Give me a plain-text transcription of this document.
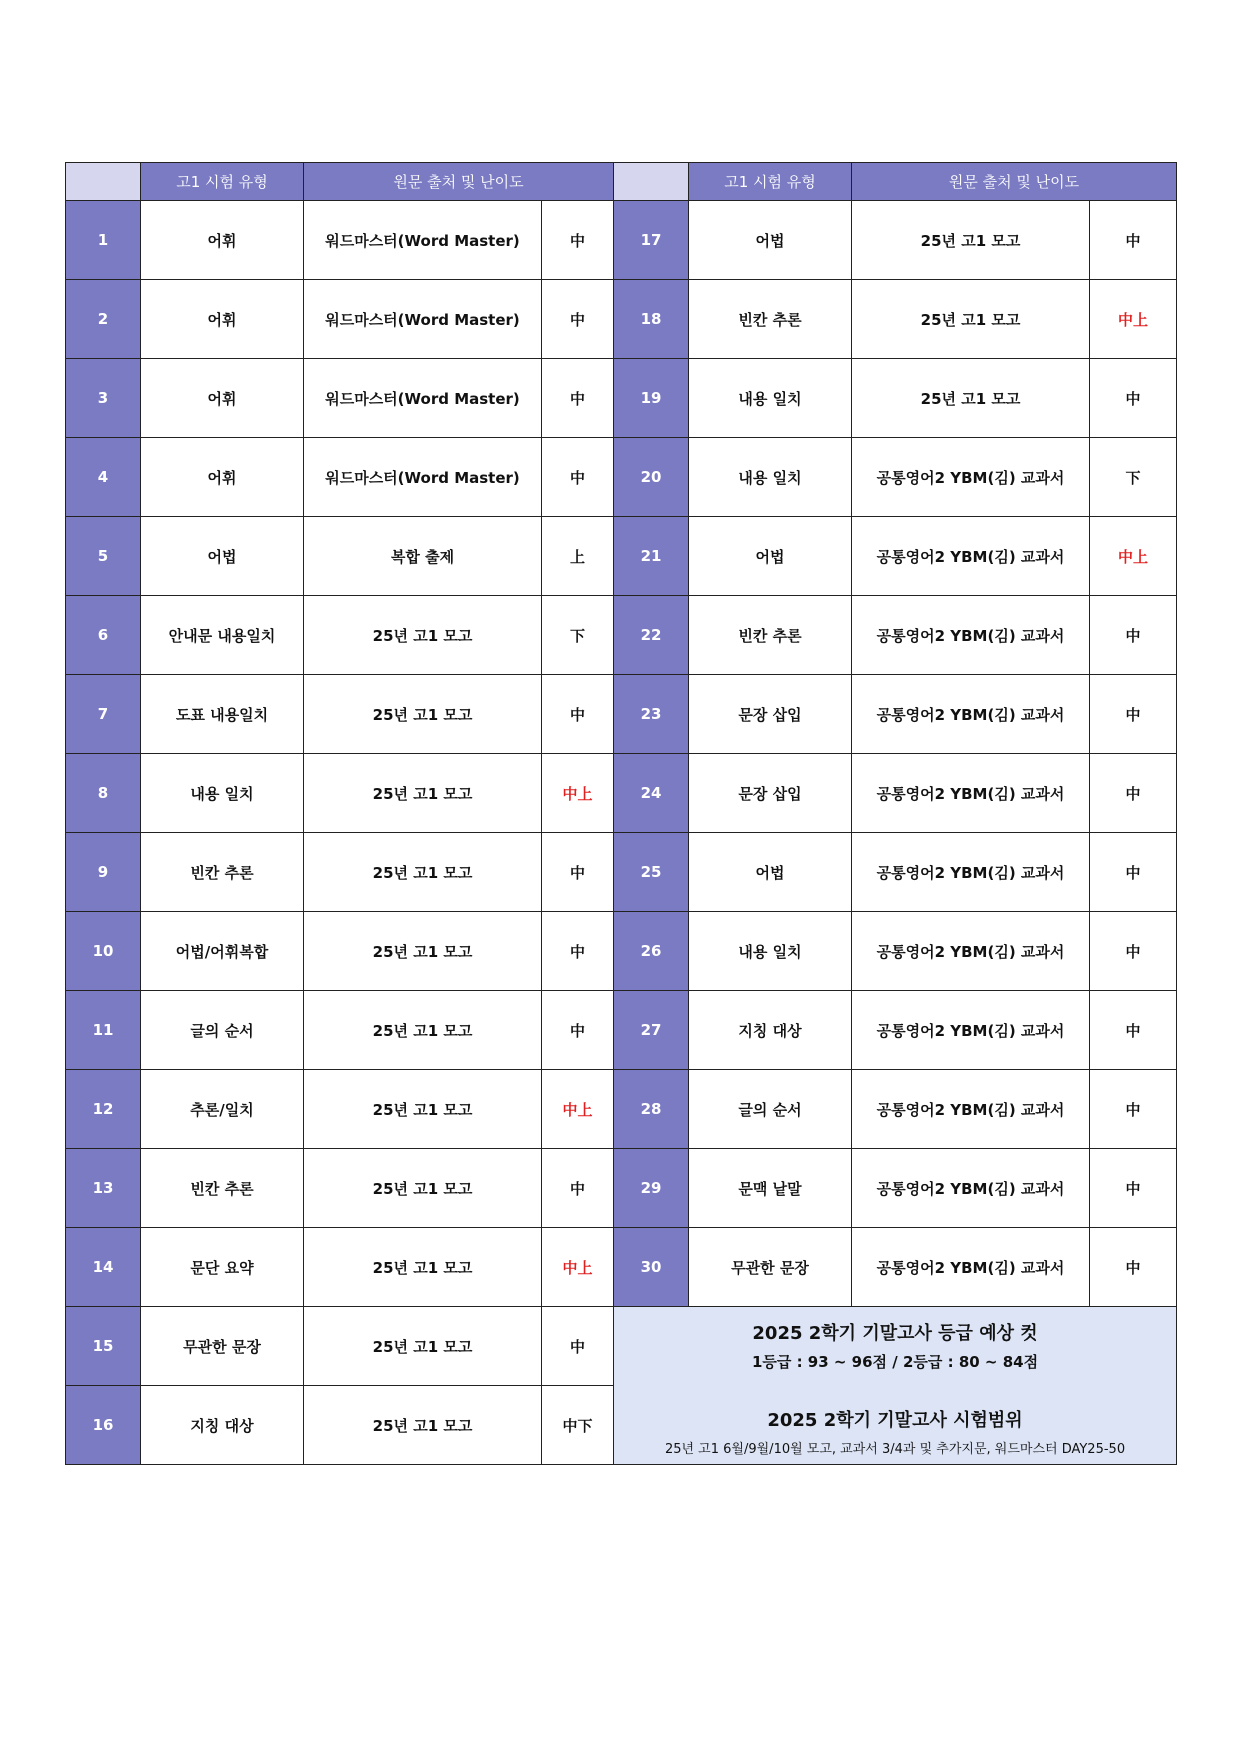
	고1 시험 유형	원문 출처 및 난이도			고1 시험 유형	원문 출처 및 난이도	
1	어휘	워드마스터(Word Master)	中	17	어법	25년 고1 모고	中
2	어휘	워드마스터(Word Master)	中	18	빈칸 추론	25년 고1 모고	中上
3	어휘	워드마스터(Word Master)	中	19	내용 일치	25년 고1 모고	中
4	어휘	워드마스터(Word Master)	中	20	내용 일치	공통영어2 YBM(김) 교과서	下
5	어법	복합 출제	上	21	어법	공통영어2 YBM(김) 교과서	中上
6	안내문 내용일치	25년 고1 모고	下	22	빈칸 추론	공통영어2 YBM(김) 교과서	中
7	도표 내용일치	25년 고1 모고	中	23	문장 삽입	공통영어2 YBM(김) 교과서	中
8	내용 일치	25년 고1 모고	中上	24	문장 삽입	공통영어2 YBM(김) 교과서	中
9	빈칸 추론	25년 고1 모고	中	25	어법	공통영어2 YBM(김) 교과서	中
10	어법/어휘복합	25년 고1 모고	中	26	내용 일치	공통영어2 YBM(김) 교과서	中
11	글의 순서	25년 고1 모고	中	27	지칭 대상	공통영어2 YBM(김) 교과서	中
12	추론/일치	25년 고1 모고	中上	28	글의 순서	공통영어2 YBM(김) 교과서	中
13	빈칸 추론	25년 고1 모고	中	29	문맥 낱말	공통영어2 YBM(김) 교과서	中
14	문단 요약	25년 고1 모고	中上	30	무관한 문장	공통영어2 YBM(김) 교과서	中
15	무관한 문장	25년 고1 모고	中	2025 2학기 기말고사 등급 예상 컷
1등급 : 93 ~ 96점 / 2등급 : 80 ~ 84점
2025 2학기 기말고사 시험범위
25년 고1 6월/9월/10월 모고, 교과서 3/4과 및 추가지문, 워드마스터 DAY25-50			

16	지칭 대상	25년 고1 모고	中下				
